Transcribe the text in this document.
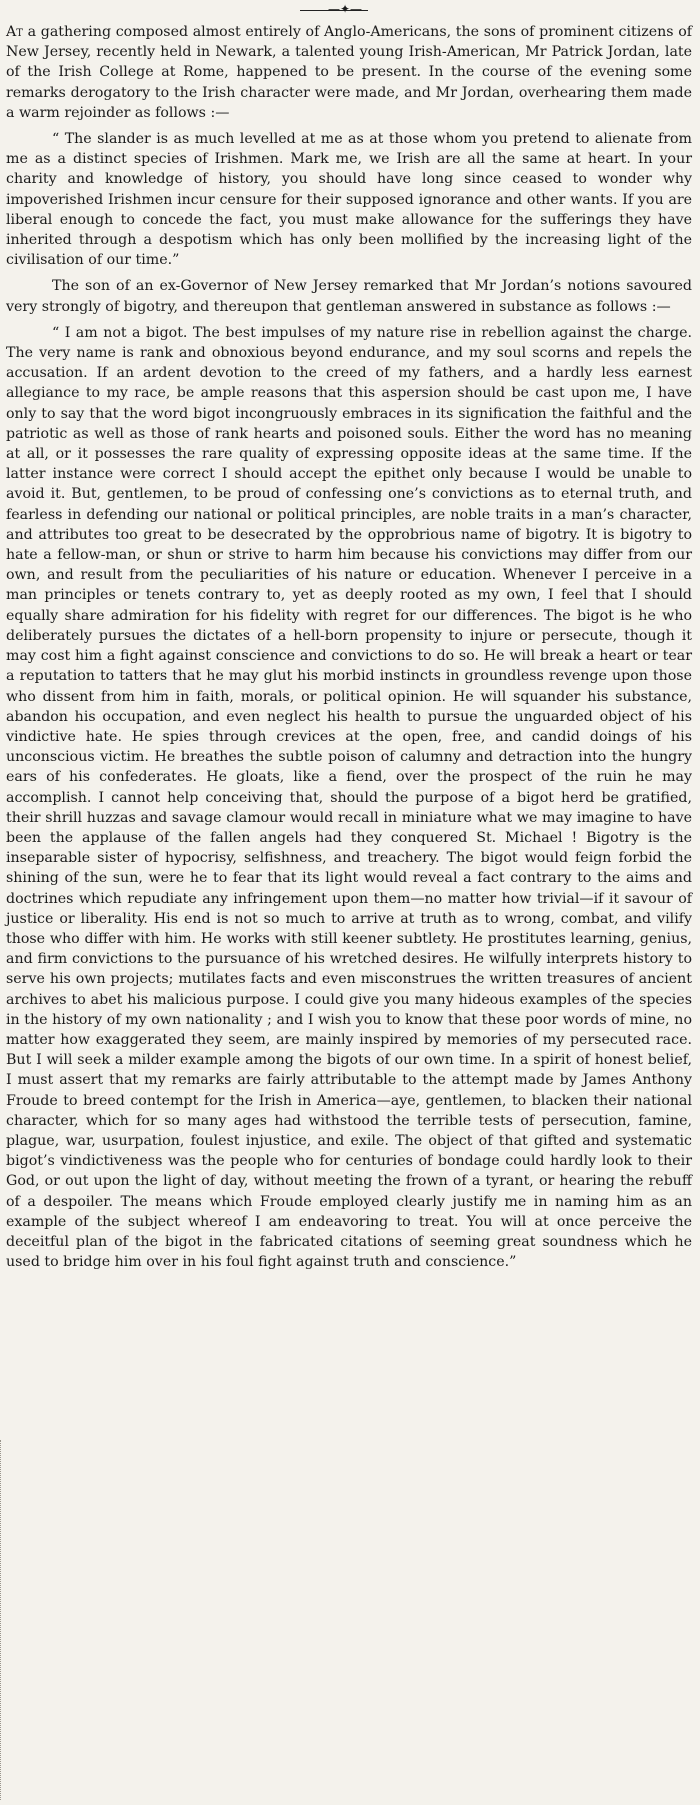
—✦—

At a gathering composed almost entirely of Anglo-Americans, the sons of prominent citizens of New Jersey, recently held in Newark, a talented young Irish-American, Mr Patrick Jordan, late of the Irish College at Rome, happened to be present. In the course of the evening some remarks derogatory to the Irish character were made, and Mr Jordan, overhearing them made a warm rejoinder as follows :—

“ The slander is as much levelled at me as at those whom you pretend to alienate from me as a distinct species of Irishmen. Mark me, we Irish are all the same at heart. In your charity and knowledge of history, you should have long since ceased to wonder why impoverished Irishmen incur censure for their supposed ignorance and other wants. If you are liberal enough to concede the fact, you must make allowance for the sufferings they have inherited through a despotism which has only been mollified by the increasing light of the civilisation of our time.”

The son of an ex-Governor of New Jersey remarked that Mr Jordan’s notions savoured very strongly of bigotry, and thereupon that gentleman answered in substance as follows :—

“ I am not a bigot. The best impulses of my nature rise in rebellion against the charge. The very name is rank and obnoxious beyond endurance, and my soul scorns and repels the accusation. If an ardent devotion to the creed of my fathers, and a hardly less earnest allegiance to my race, be ample reasons that this aspersion should be cast upon me, I have only to say that the word bigot incongruously embraces in its signification the faithful and the patriotic as well as those of rank hearts and poisoned souls. Either the word has no meaning at all, or it possesses the rare quality of expressing opposite ideas at the same time. If the latter instance were correct I should accept the epithet only because I would be unable to avoid it. But, gentlemen, to be proud of confessing one’s convictions as to eternal truth, and fearless in defending our national or political principles, are noble traits in a man’s character, and attributes too great to be desecrated by the opprobrious name of bigotry. It is bigotry to hate a fellow-man, or shun or strive to harm him because his convictions may differ from our own, and result from the peculiarities of his nature or education. Whenever I perceive in a man principles or tenets contrary to, yet as deeply rooted as my own, I feel that I should equally share admiration for his fidelity with regret for our differences. The bigot is he who deliberately pursues the dictates of a hell-born propensity to injure or persecute, though it may cost him a fight against conscience and convictions to do so. He will break a heart or tear a reputation to tatters that he may glut his morbid instincts in groundless revenge upon those who dissent from him in faith, morals, or political opinion. He will squander his substance, abandon his occupation, and even neglect his health to pursue the unguarded object of his vindictive hate. He spies through crevices at the open, free, and candid doings of his unconscious victim. He breathes the subtle poison of calumny and detraction into the hungry ears of his confederates. He gloats, like a fiend, over the prospect of the ruin he may accomplish. I cannot help conceiving that, should the purpose of a bigot herd be gratified, their shrill huzzas and savage clamour would recall in miniature what we may imagine to have been the applause of the fallen angels had they conquered St. Michael ! Bigotry is the inseparable sister of hypocrisy, selfishness, and treachery. The bigot would feign forbid the shining of the sun, were he to fear that its light would reveal a fact contrary to the aims and doctrines which repudiate any infringement upon them—no matter how trivial—if it savour of justice or liberality. His end is not so much to arrive at truth as to wrong, combat, and vilify those who differ with him. He works with still keener subtlety. He prostitutes learning, genius, and firm convictions to the pursuance of his wretched desires. He wilfully interprets history to serve his own projects; mutilates facts and even misconstrues the written treasures of ancient archives to abet his malicious purpose. I could give you many hideous examples of the species in the history of my own nationality ; and I wish you to know that these poor words of mine, no matter how exaggerated they seem, are mainly inspired by memories of my persecuted race. But I will seek a milder example among the bigots of our own time. In a spirit of honest belief, I must assert that my remarks are fairly attributable to the attempt made by James Anthony Froude to breed contempt for the Irish in America—aye, gentlemen, to blacken their national character, which for so many ages had withstood the terrible tests of persecution, famine, plague, war, usurpation, foulest injustice, and exile. The object of that gifted and systematic bigot’s vindictiveness was the people who for centuries of bondage could hardly look to their God, or out upon the light of day, without meeting the frown of a tyrant, or hearing the rebuff of a despoiler. The means which Froude employed clearly justify me in naming him as an example of the subject whereof I am endeavoring to treat. You will at once perceive the deceitful plan of the bigot in the fabricated citations of seeming great soundness which he used to bridge him over in his foul fight against truth and conscience.”
